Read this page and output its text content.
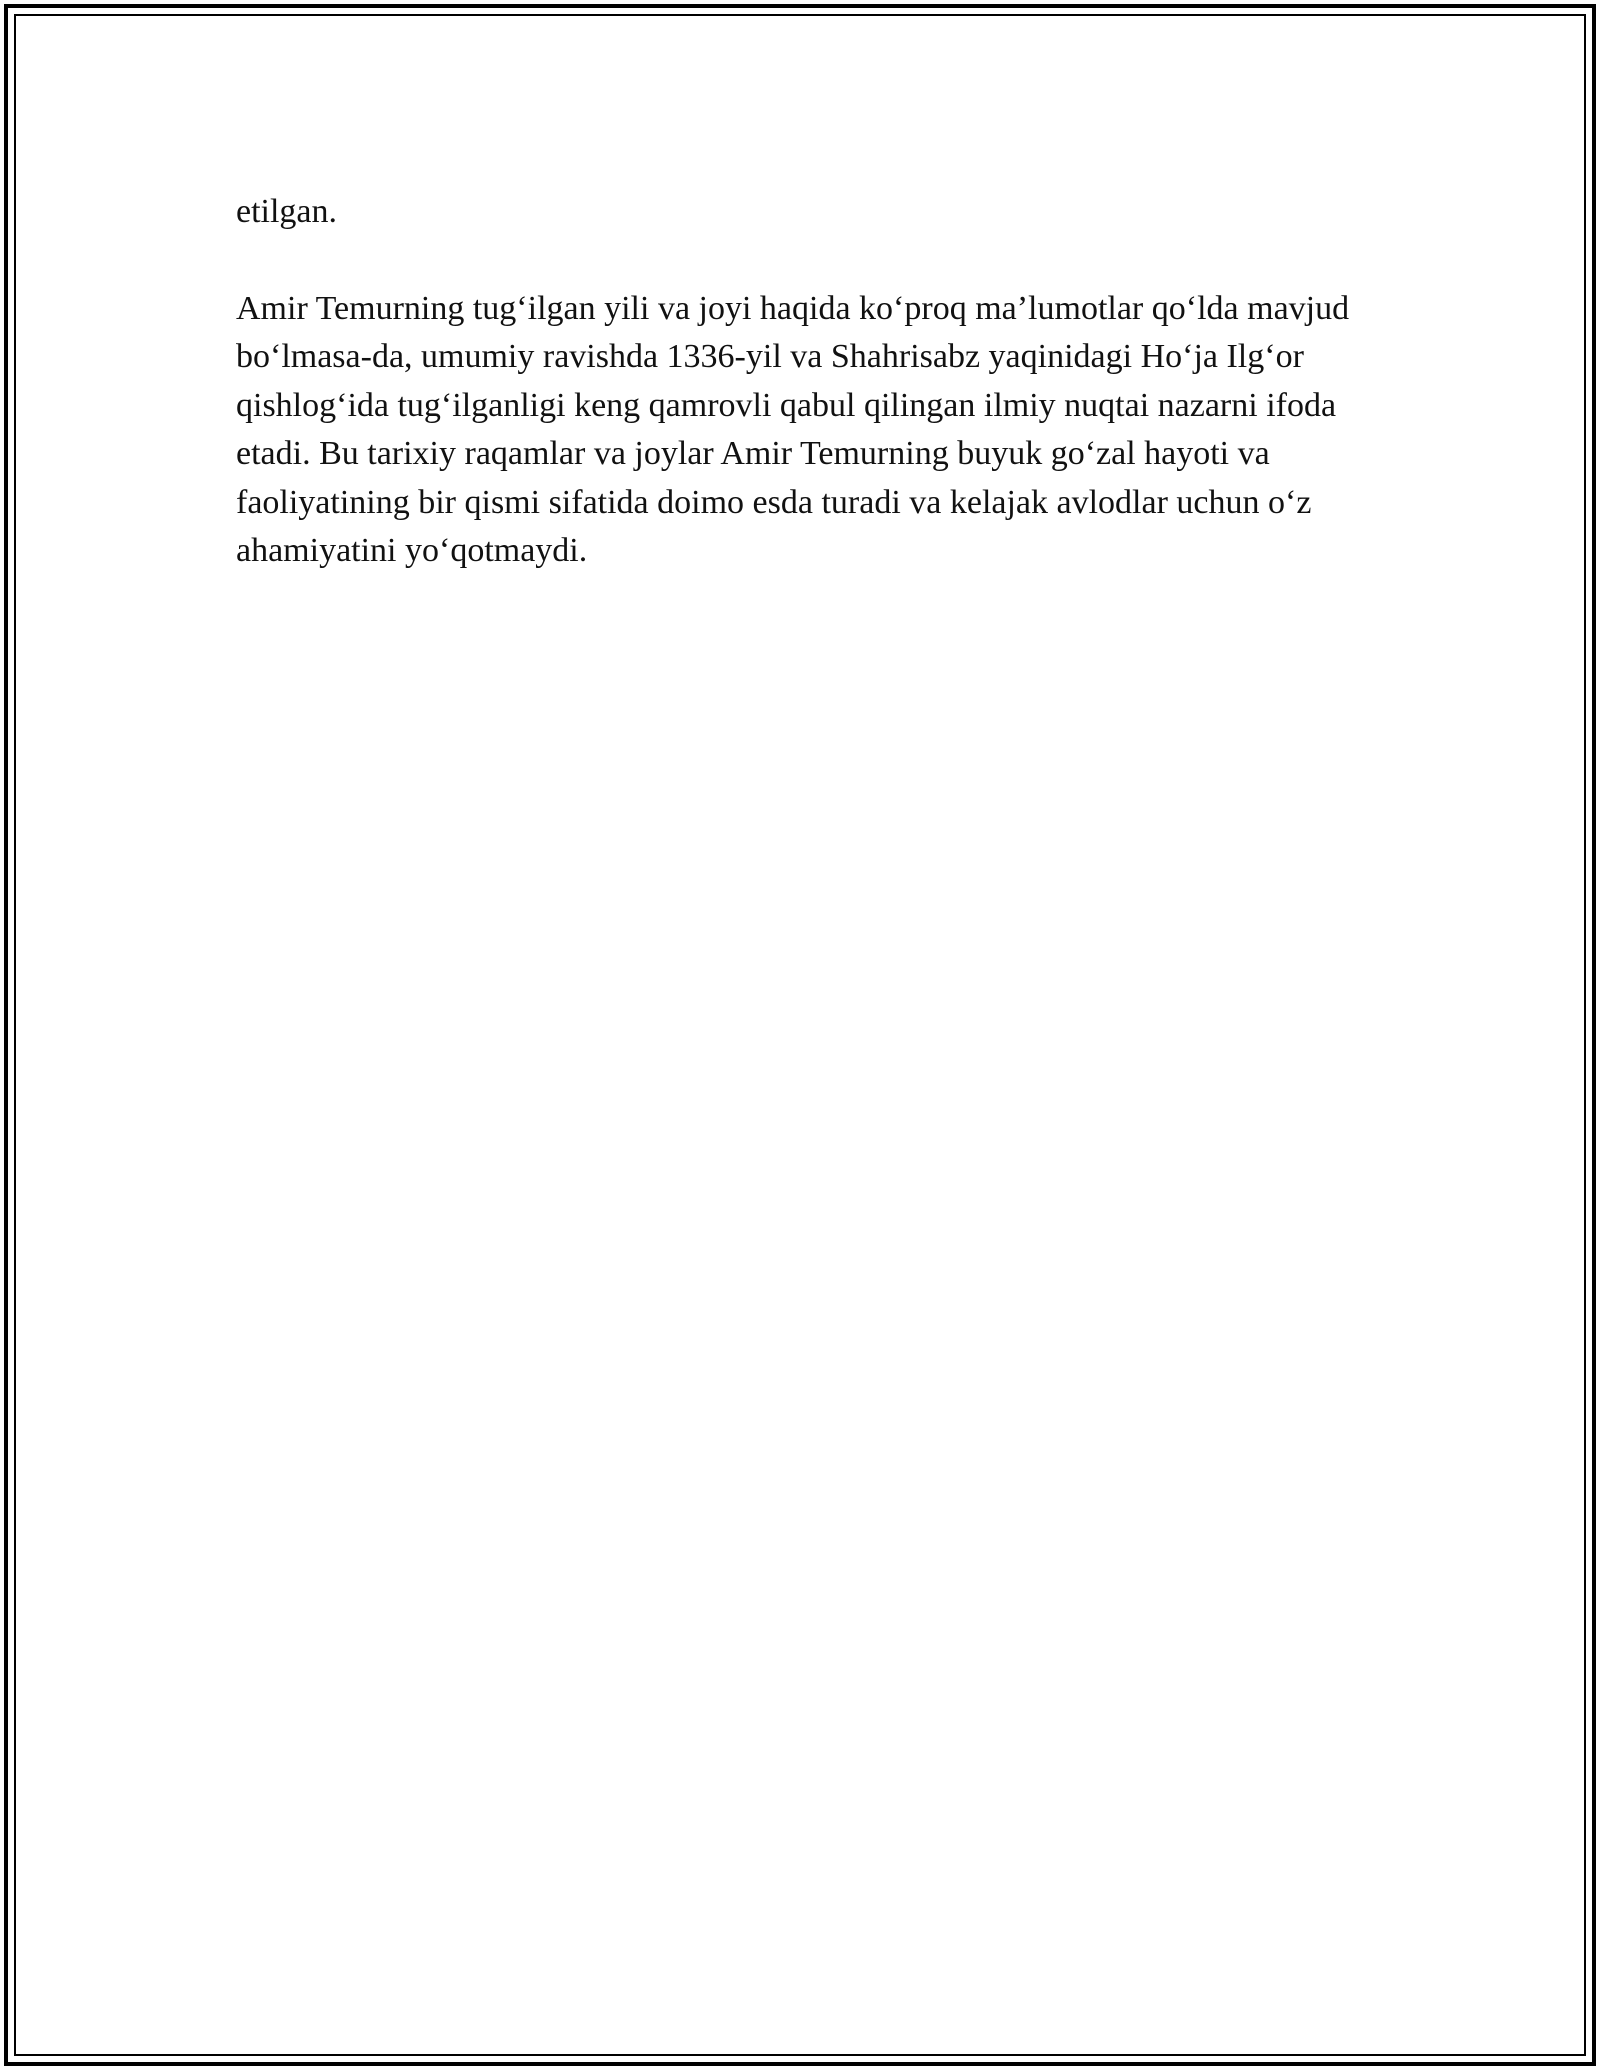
etilgan.

Amir Temurning tug‘ilgan yili va joyi haqida ko‘proq ma’lumotlar qo‘lda mavjud bo‘lmasa-da, umumiy ravishda 1336-yil va Shahrisabz yaqinidagi Ho‘ja Ilg‘or qishlog‘ida tug‘ilganligi keng qamrovli qabul qilingan ilmiy nuqtai nazarni ifoda etadi. Bu tarixiy raqamlar va joylar Amir Temurning buyuk go‘zal hayoti va faoliyatining bir qismi sifatida doimo esda turadi va kelajak avlodlar uchun o‘z ahamiyatini yo‘qotmaydi.
